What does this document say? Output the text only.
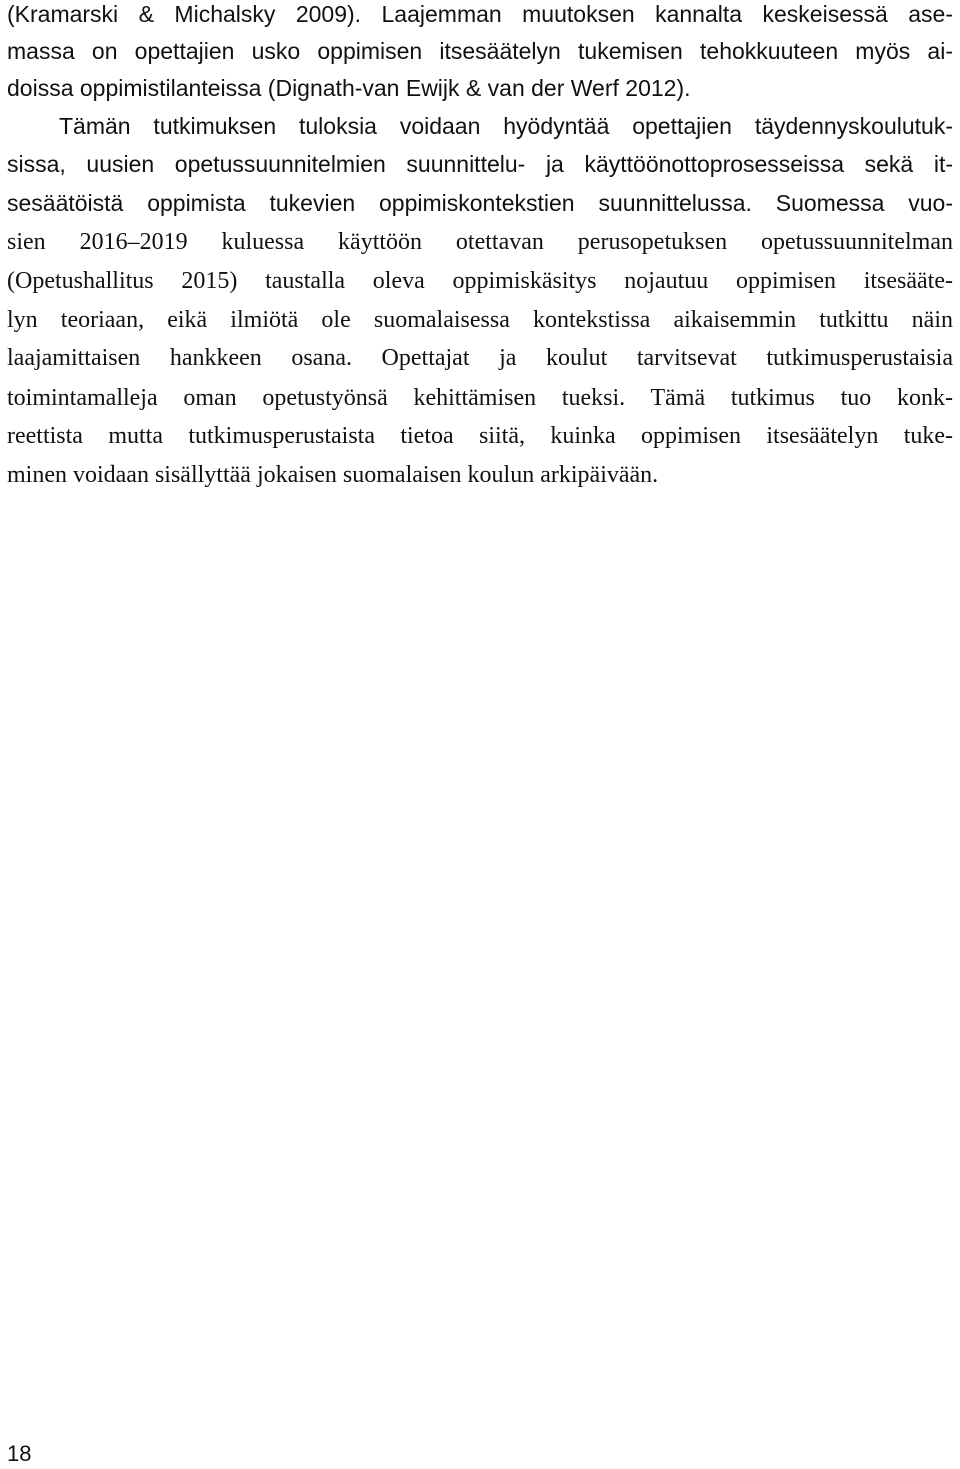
(Kramarski & Michalsky 2009). Laajemman muutoksen kannalta keskeisessä ase-
massa on opettajien usko oppimisen itsesäätelyn tukemisen tehokkuuteen myös ai-
doissa oppimistilanteissa (Dignath-van Ewijk & van der Werf 2012).
Tämän tutkimuksen tuloksia voidaan hyödyntää opettajien täydennyskoulutuk-
sissa, uusien opetussuunnitelmien suunnittelu- ja käyttöönottoprosesseissa sekä it-
sesäätöistä oppimista tukevien oppimiskontekstien suunnittelussa. Suomessa vuo-
sien 2016–2019 kuluessa käyttöön otettavan perusopetuksen opetussuunnitelman
(Opetushallitus 2015) taustalla oleva oppimiskäsitys nojautuu oppimisen itsesääte-
lyn teoriaan, eikä ilmiötä ole suomalaisessa kontekstissa aikaisemmin tutkittu näin
laajamittaisen hankkeen osana. Opettajat ja koulut tarvitsevat tutkimusperustaisia
toimintamalleja oman opetustyönsä kehittämisen tueksi. Tämä tutkimus tuo konk-
reettista mutta tutkimusperustaista tietoa siitä, kuinka oppimisen itsesäätelyn tuke-
minen voidaan sisällyttää jokaisen suomalaisen koulun arkipäivään.
18
